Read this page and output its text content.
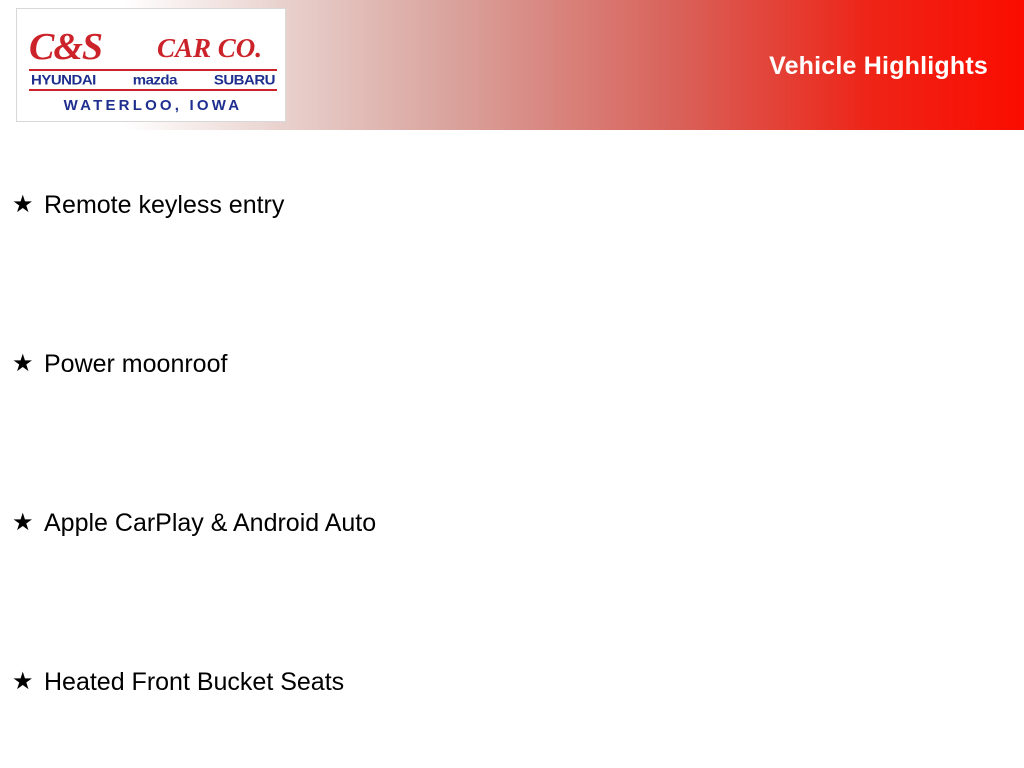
Vehicle Highlights
C&S CAR CO.
HYUNDAI mazda SUBARU
WATERLOO, IOWA
★ Remote keyless entry
★ Power moonroof
★ Apple CarPlay & Android Auto
★ Heated Front Bucket Seats
